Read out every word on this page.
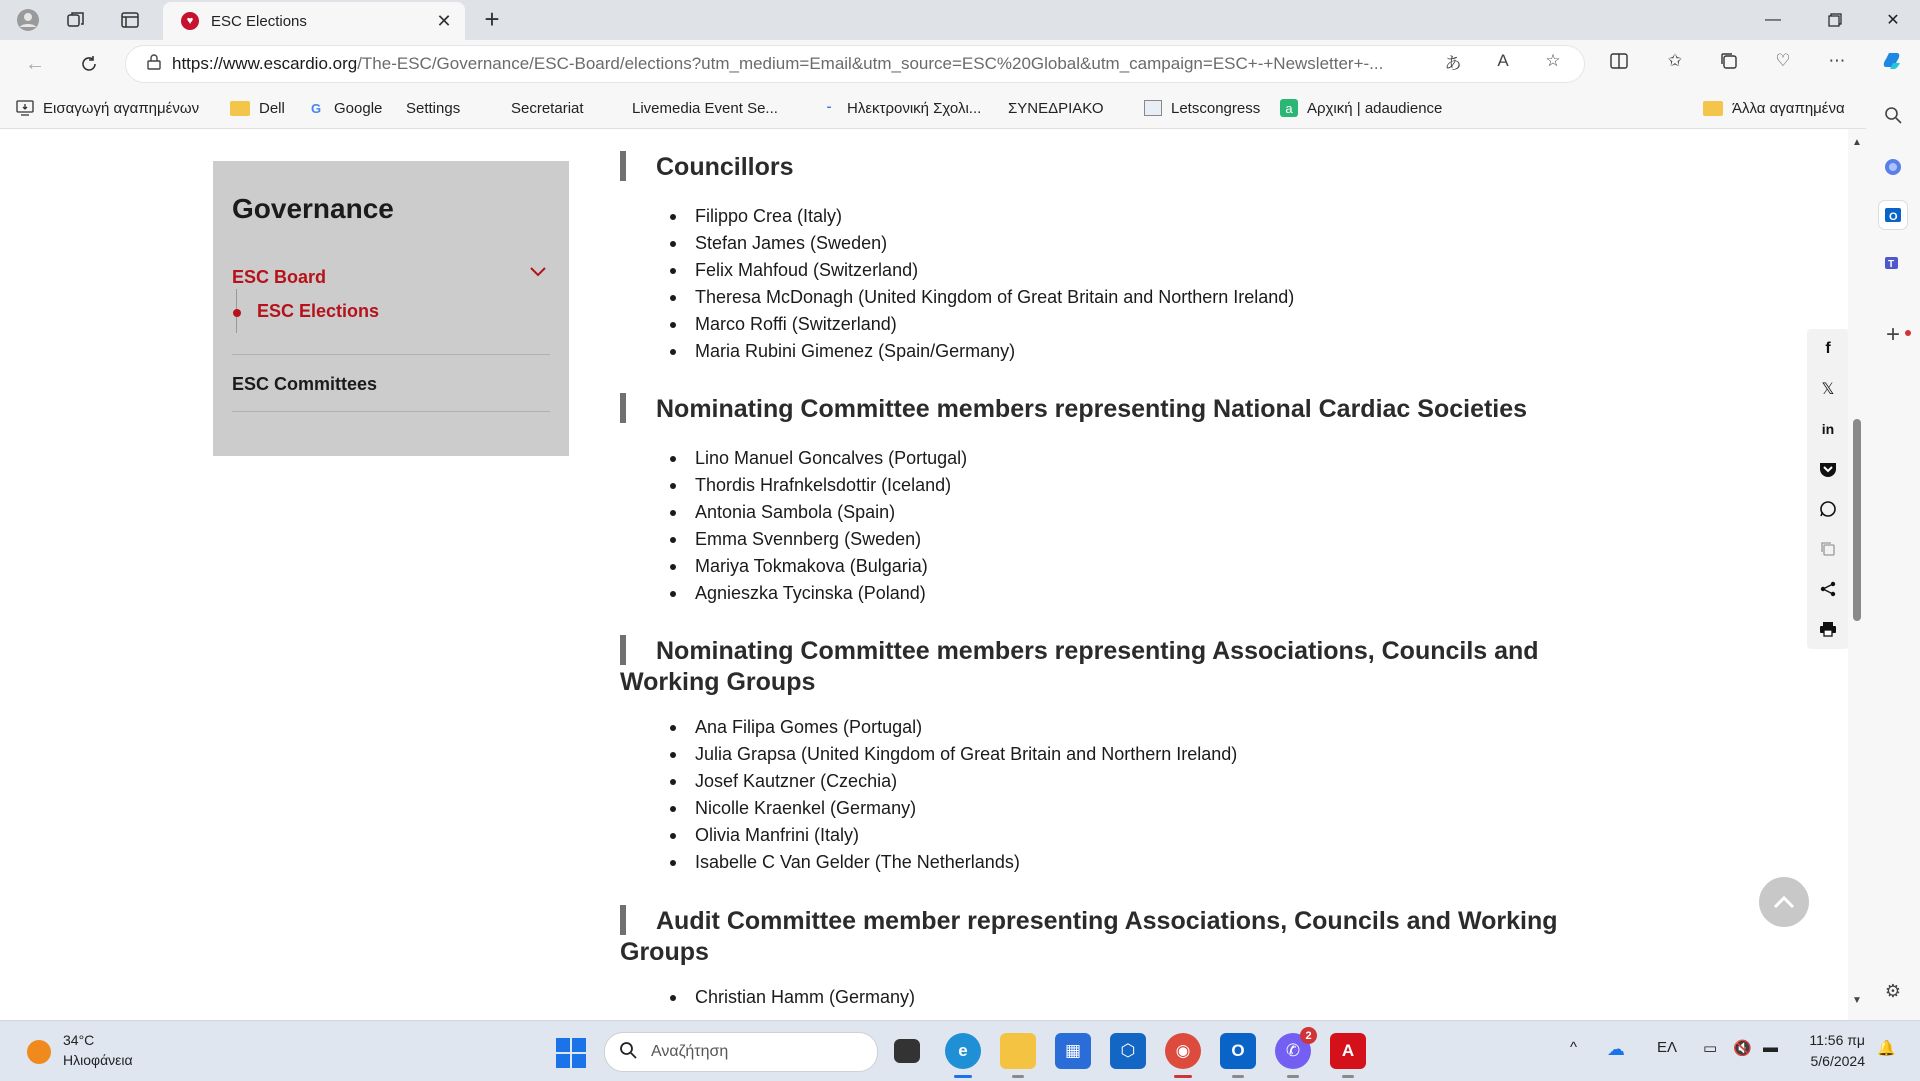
♥	ESC Elections	✕ +	—	✕
←	https://www.escardio.org/The-ESC/Governance/ESC-Board/elections?utm_medium=Email&utm_source=ESC%20Global&utm_campaign=ESC+-+Newsletter+-...	あ	A	☆	✩	♡	⋯
Εισαγωγή αγαπημένων	Dell	G Google Settings	Secretariat	Livemedia Event Se...	⁃ Ηλεκτρονική Σχολι... ΣΥΝΕΔΡΙΑΚΟ	Letscongress	a Αρχική | adaudience	Άλλα αγαπημένα
O
T
+
⚙
Governance
ESC Board
ESC Elections
ESC Committees
Councillors
Filippo Crea (Italy)
Stefan James (Sweden)
Felix Mahfoud (Switzerland)
Theresa McDonagh (United Kingdom of Great Britain and Northern Ireland)
Marco Roffi (Switzerland)
Maria Rubini Gimenez (Spain/Germany)
Nominating Committee members representing National Cardiac Societies
Lino Manuel Goncalves (Portugal)
Thordis Hrafnkelsdottir (Iceland)
Antonia Sambola (Spain)
Emma Svennberg (Sweden)
Mariya Tokmakova (Bulgaria)
Agnieszka Tycinska (Poland)
Nominating Committee members representing Associations, Councils and Working Groups
Ana Filipa Gomes (Portugal)
Julia Grapsa (United Kingdom of Great Britain and Northern Ireland)
Josef Kautzner (Czechia)
Nicolle Kraenkel (Germany)
Olivia Manfrini (Italy)
Isabelle C Van Gelder (The Netherlands)
Audit Committee member representing Associations, Councils and Working Groups
Christian Hamm (Germany)
f
𝕏
in
▲
▼
34°C
Ηλιοφάνεια	Αναζήτηση	e	▦	⬡	◉	O	✆
2
A	^ ☁ ΕΛ ▭ 🔇 ▬	11:56 πμ
5/6/2024
🔔
